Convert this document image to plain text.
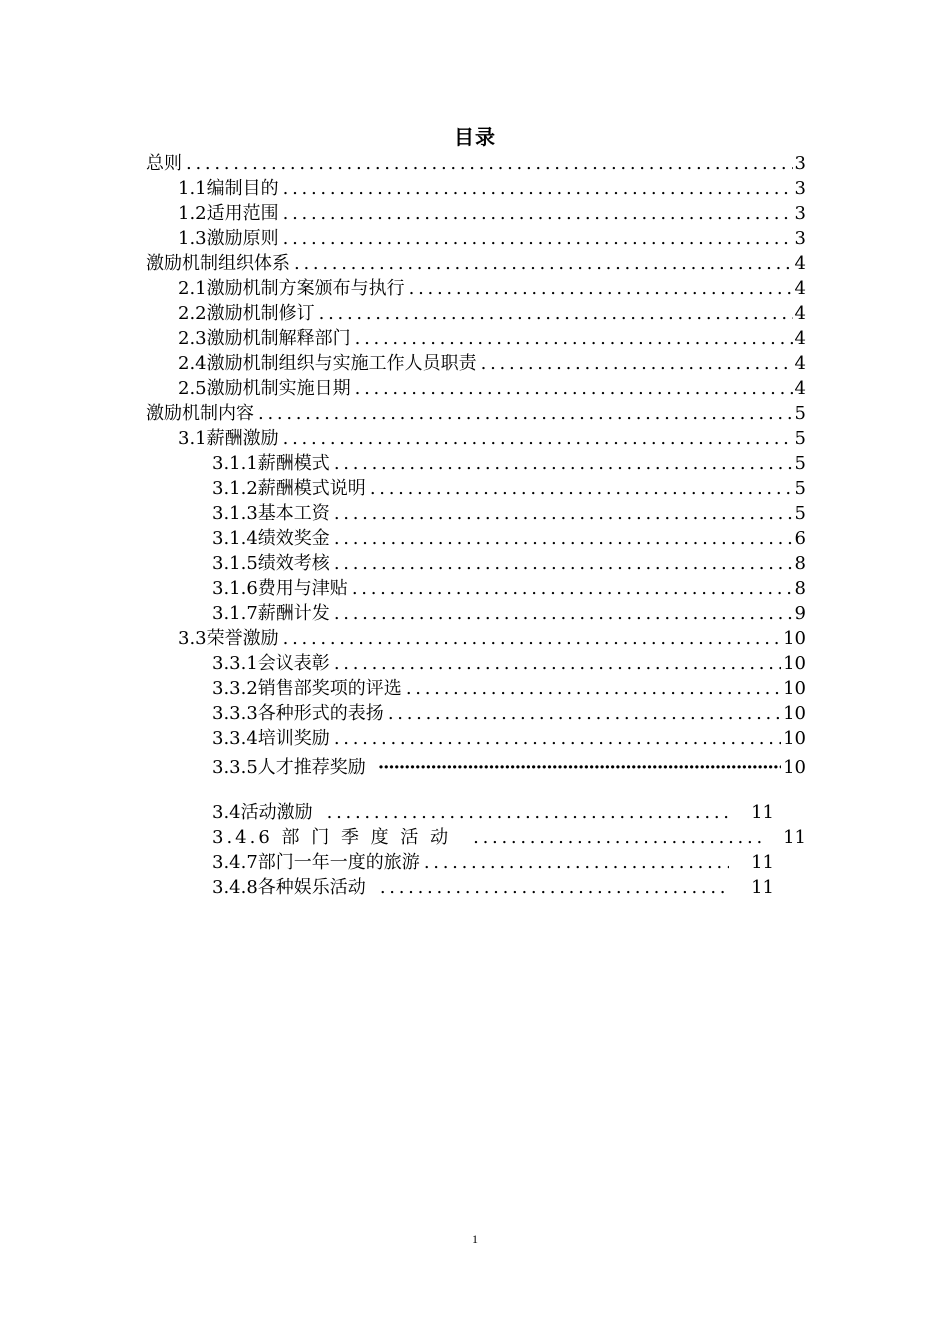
目录
总则 . . .	3
1.1编制目的 . . .	3
1.2适用范围 . . .	3
1.3激励原则 . . .	3
激励机制组织体系 . . .	4
2.1激励机制方案颁布与执行 . . .	4
2.2激励机制修订 . . .	4
2.3激励机制解释部门 . . .	4
2.4激励机制组织与实施工作人员职责 . . .	4
2.5激励机制实施日期 . . .	4
激励机制内容 . . .	5
3.1薪酬激励 . . .	5
3.1.1薪酬模式 . . .	5
3.1.2薪酬模式说明 . . .	5
3.1.3基本工资 . . .	5
3.1.4绩效奖金 . . .	6
3.1.5绩效考核 . . .	8
3.1.6费用与津贴 . . .	8
3.1.7薪酬计发 . . .	9
3.3荣誉激励 . . .	10
3.3.1会议表彰 . . .	10
3.3.2销售部奖项的评选 . . .	10
3.3.3各种形式的表扬 . . .	10
3.3.4培训奖励 . . .	10
3.3.5人才推荐奖励 ·····	10
3.4活动激励 . . .	11
3.4.6 部 门 季 度 活 动 . . .	11
3.4.7部门一年一度的旅游 . . .	11
3.4.8各种娱乐活动 . . .	11
1
